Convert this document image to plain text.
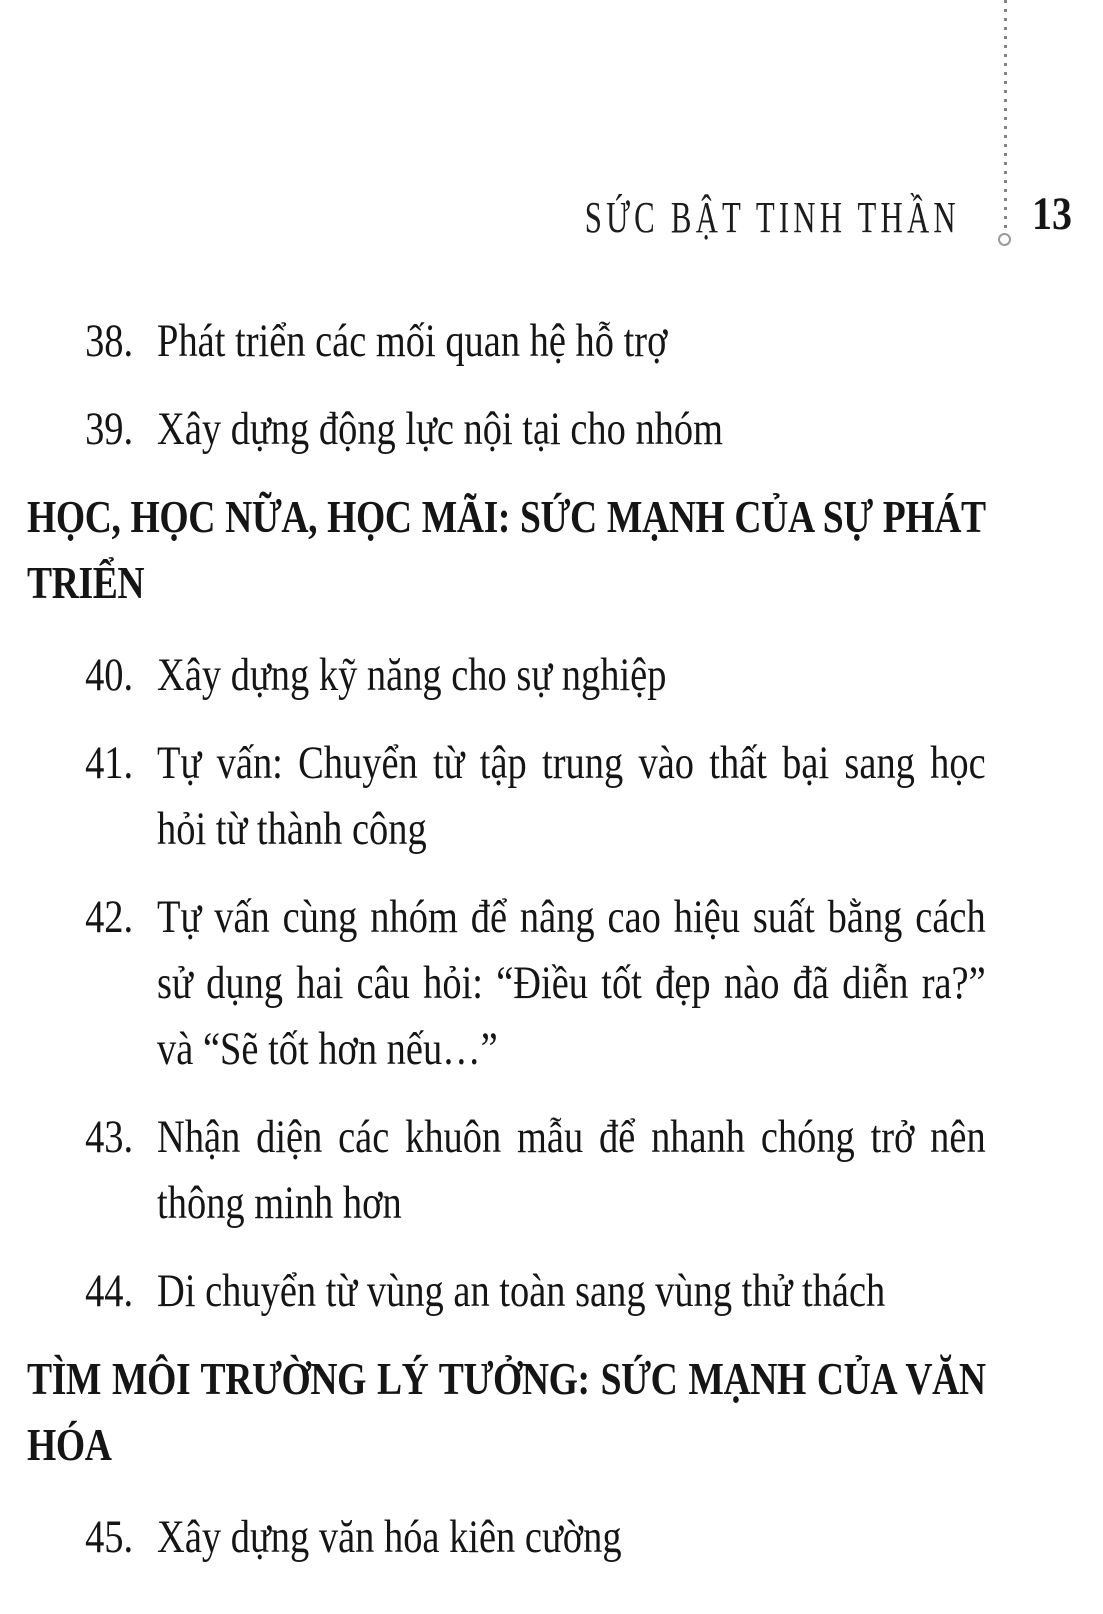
SỨC BẬT TINH THẦN 13
38. Phát triển các mối quan hệ hỗ trợ
39. Xây dựng động lực nội tại cho nhóm
HỌC, HỌC NỮA, HỌC MÃI: SỨC MẠNH CỦA SỰ PHÁT TRIỂN
40. Xây dựng kỹ năng cho sự nghiệp
41. Tự vấn: Chuyển từ tập trung vào thất bại sang học hỏi từ thành công
42. Tự vấn cùng nhóm để nâng cao hiệu suất bằng cách sử dụng hai câu hỏi: “Điều tốt đẹp nào đã diễn ra?” và “Sẽ tốt hơn nếu…”
43. Nhận diện các khuôn mẫu để nhanh chóng trở nên thông minh hơn
44. Di chuyển từ vùng an toàn sang vùng thử thách
TÌM MÔI TRƯỜNG LÝ TƯỞNG: SỨC MẠNH CỦA VĂN HÓA
45. Xây dựng văn hóa kiên cường
